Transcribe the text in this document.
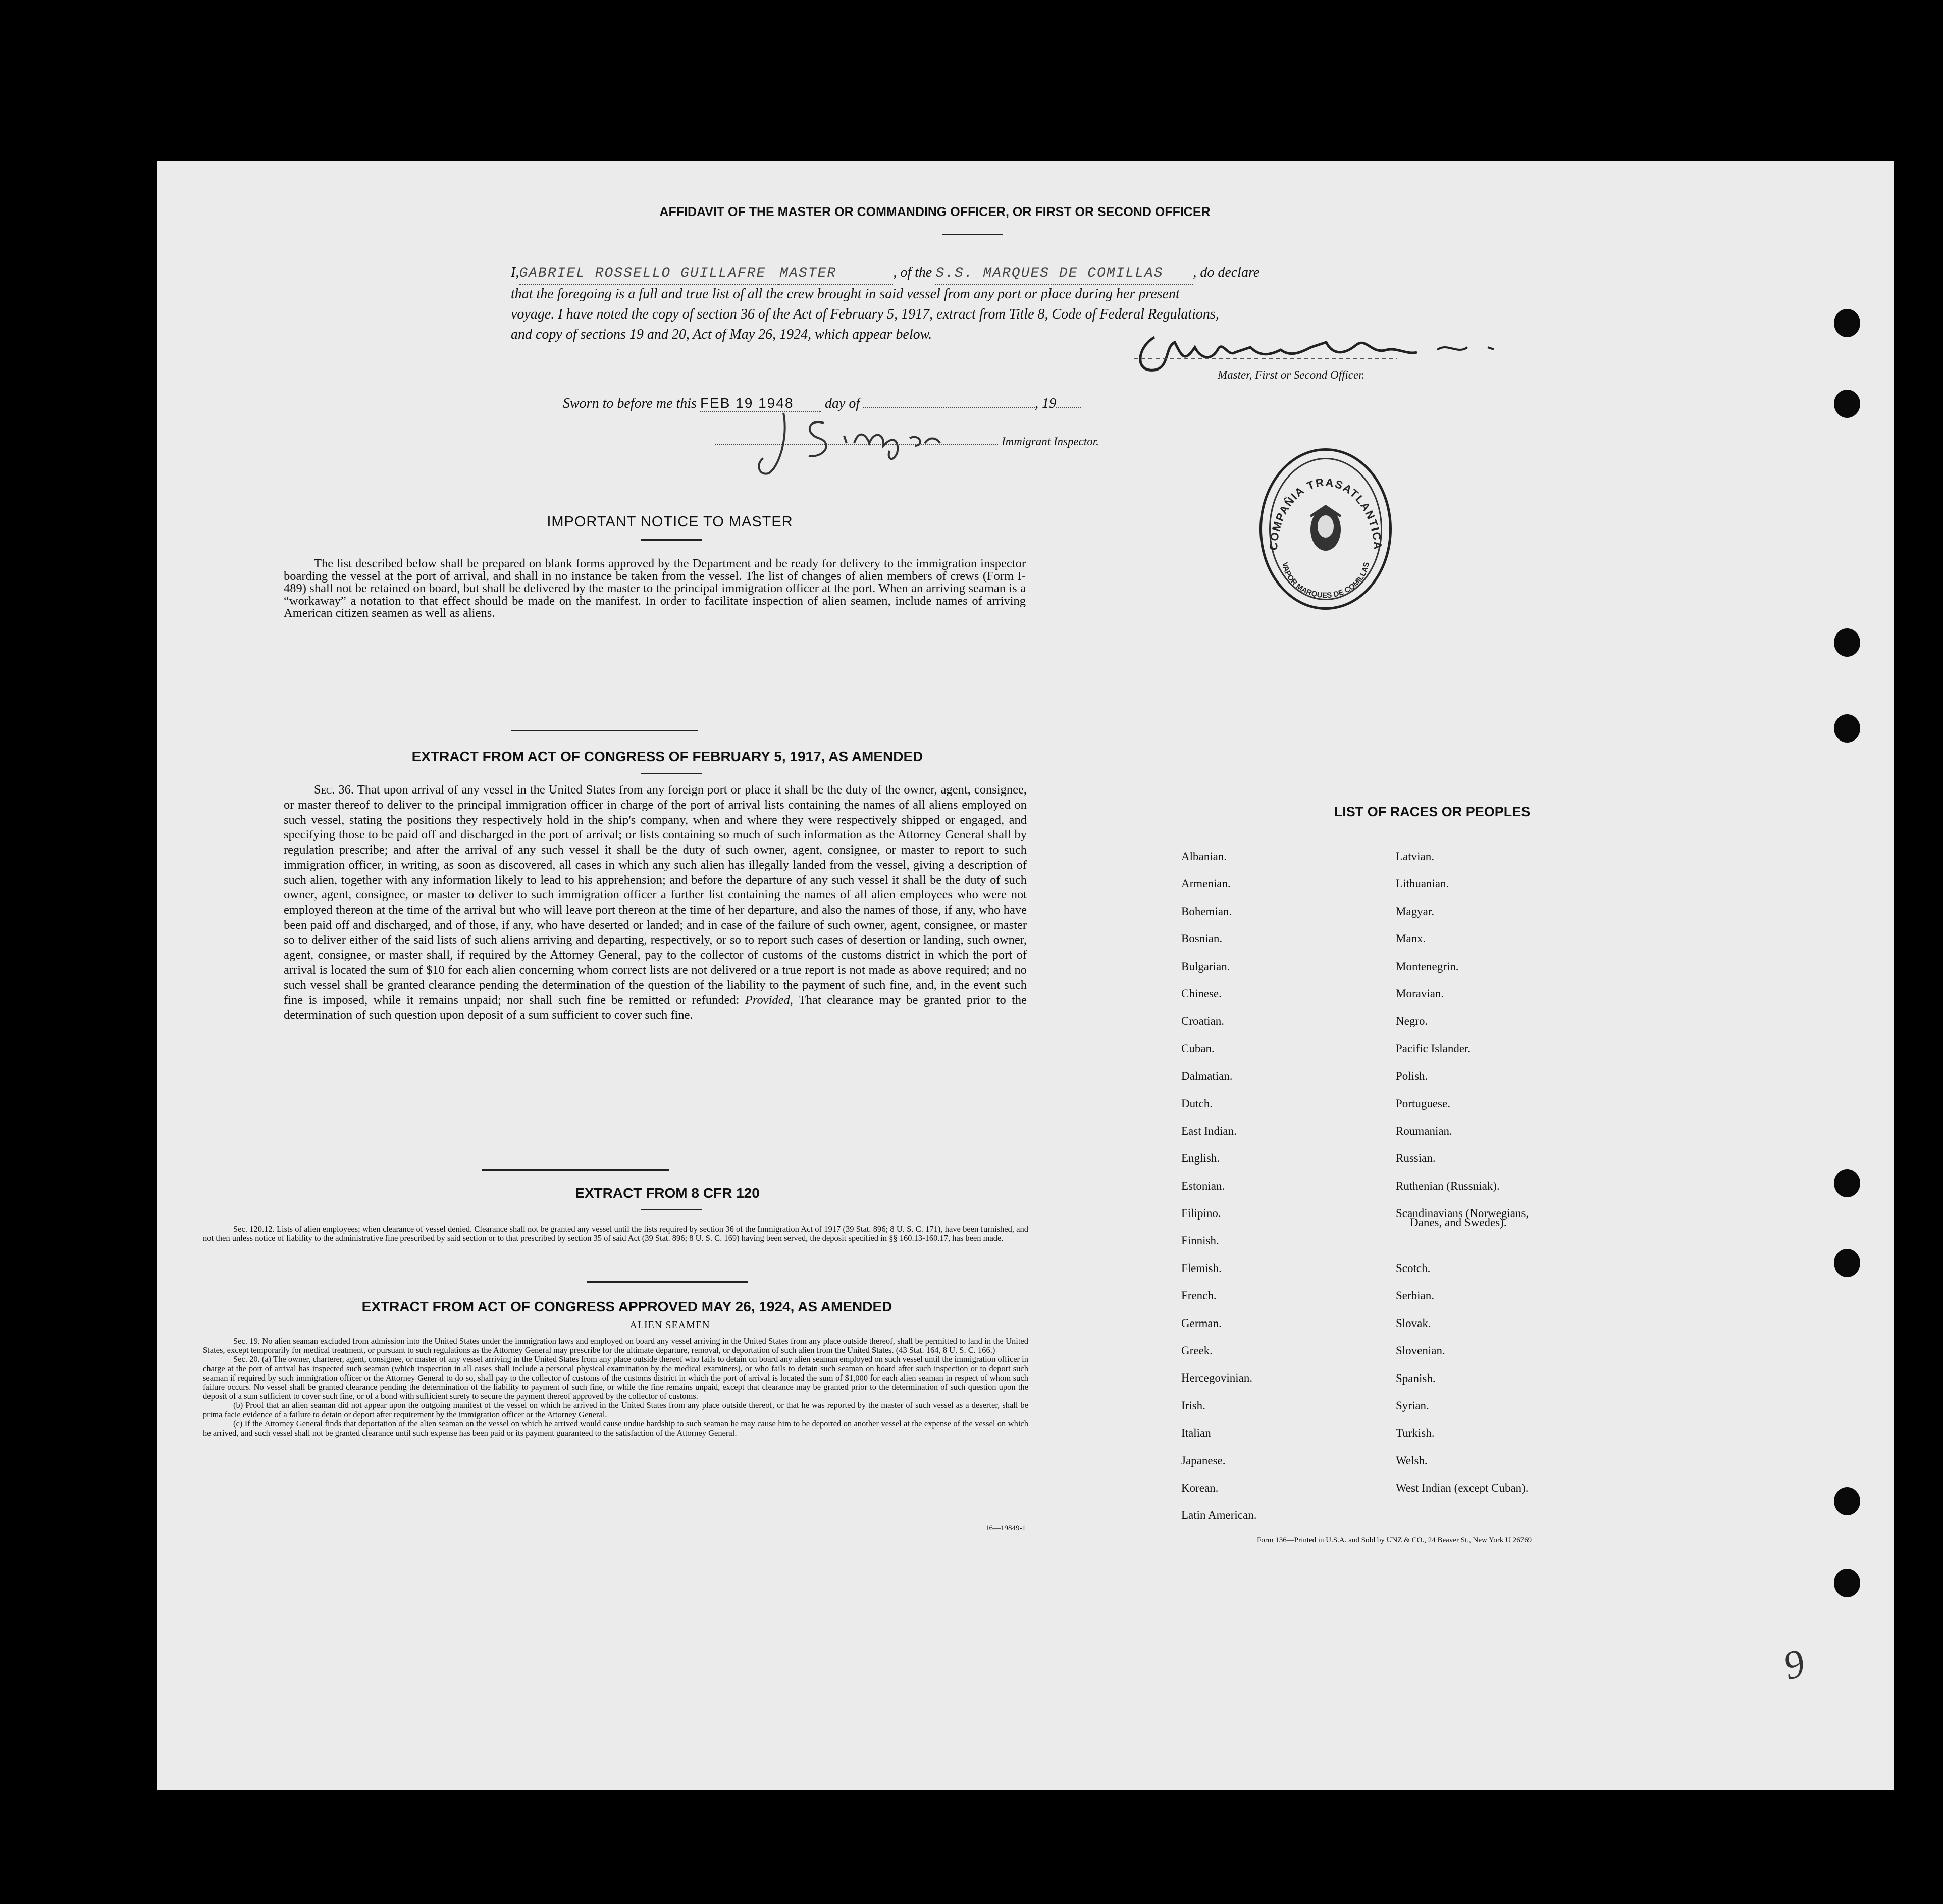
AFFIDAVIT OF THE MASTER OR COMMANDING OFFICER, OR FIRST OR SECOND OFFICER
I,GABRIEL ROSSELLO GUILLAFRE MASTER	, of the S.S. MARQUES DE COMILLAS , do declare
that the foregoing is a full and true list of all the crew brought in said vessel from any port or place during her present
voyage. I have noted the copy of section 36 of the Act of February 5, 1917, extract from Title 8, Code of Federal Regulations,
and copy of sections 19 and 20, Act of May 26, 1924, which appear below.
Master, First or Second Officer.
Sworn to before me this FEB 19 1948 day of	, 19
Immigrant Inspector.
COMPAÑIA TRASATLANTICA
VAPOR MARQUES DE COMILLAS
IMPORTANT NOTICE TO MASTER
The list described below shall be prepared on blank forms approved by the Department and be ready for delivery to the immigration inspector boarding the vessel at the port of arrival, and shall in no instance be taken from the vessel. The list of changes of alien members of crews (Form I-489) shall not be retained on board, but shall be delivered by the master to the principal immigration officer at the port. When an arriving seaman is a “workaway” a notation to that effect should be made on the manifest. In order to facilitate inspection of alien seamen, include names of arriving American citizen seamen as well as aliens.
EXTRACT FROM ACT OF CONGRESS OF FEBRUARY 5, 1917, AS AMENDED
Sec. 36. That upon arrival of any vessel in the United States from any foreign port or place it shall be the duty of the owner, agent, consignee, or master thereof to deliver to the principal immigration officer in charge of the port of arrival lists containing the names of all aliens employed on such vessel, stating the positions they respectively hold in the ship's company, when and where they were respectively shipped or engaged, and specifying those to be paid off and discharged in the port of arrival; or lists containing so much of such information as the Attorney General shall by regulation prescribe; and after the arrival of any such vessel it shall be the duty of such owner, agent, consignee, or master to report to such immigration officer, in writing, as soon as discovered, all cases in which any such alien has illegally landed from the vessel, giving a description of such alien, together with any information likely to lead to his apprehension; and before the departure of any such vessel it shall be the duty of such owner, agent, consignee, or master to deliver to such immigration officer a further list containing the names of all alien employees who were not employed thereon at the time of the arrival but who will leave port thereon at the time of her departure, and also the names of those, if any, who have been paid off and discharged, and of those, if any, who have deserted or landed; and in case of the failure of such owner, agent, consignee, or master so to deliver either of the said lists of such aliens arriving and departing, respectively, or so to report such cases of desertion or landing, such owner, agent, consignee, or master shall, if required by the Attorney General, pay to the collector of customs of the customs district in which the port of arrival is located the sum of $10 for each alien concerning whom correct lists are not delivered or a true report is not made as above required; and no such vessel shall be granted clearance pending the determination of the question of the liability to the payment of such fine, and, in the event such fine is imposed, while it remains unpaid; nor shall such fine be remitted or refunded: Provided, That clearance may be granted prior to the determination of such question upon deposit of a sum sufficient to cover such fine.
EXTRACT FROM 8 CFR 120
Sec. 120.12. Lists of alien employees; when clearance of vessel denied. Clearance shall not be granted any vessel until the lists required by section 36 of the Immigration Act of 1917 (39 Stat. 896; 8 U. S. C. 171), have been furnished, and not then unless notice of liability to the administrative fine prescribed by said section or to that prescribed by section 35 of said Act (39 Stat. 896; 8 U. S. C. 169) having been served, the deposit specified in §§ 160.13-160.17, has been made.
EXTRACT FROM ACT OF CONGRESS APPROVED MAY 26, 1924, AS AMENDED
ALIEN SEAMEN
Sec. 19. No alien seaman excluded from admission into the United States under the immigration laws and employed on board any vessel arriving in the United States from any place outside thereof, shall be permitted to land in the United States, except temporarily for medical treatment, or pursuant to such regulations as the Attorney General may prescribe for the ultimate departure, removal, or deportation of such alien from the United States. (43 Stat. 164, 8 U. S. C. 166.)
Sec. 20. (a) The owner, charterer, agent, consignee, or master of any vessel arriving in the United States from any place outside thereof who fails to detain on board any alien seaman employed on such vessel until the immigration officer in charge at the port of arrival has inspected such seaman (which inspection in all cases shall include a personal physical examination by the medical examiners), or who fails to detain such seaman on board after such inspection or to deport such seaman if required by such immigration officer or the Attorney General to do so, shall pay to the collector of customs of the customs district in which the port of arrival is located the sum of $1,000 for each alien seaman in respect of whom such failure occurs. No vessel shall be granted clearance pending the determination of the liability to payment of such fine, or while the fine remains unpaid, except that clearance may be granted prior to the determination of such question upon the deposit of a sum sufficient to cover such fine, or of a bond with sufficient surety to secure the payment thereof approved by the collector of customs.
(b) Proof that an alien seaman did not appear upon the outgoing manifest of the vessel on which he arrived in the United States from any place outside thereof, or that he was reported by the master of such vessel as a deserter, shall be prima facie evidence of a failure to detain or deport after requirement by the immigration officer or the Attorney General.
(c) If the Attorney General finds that deportation of the alien seaman on the vessel on which he arrived would cause undue hardship to such seaman he may cause him to be deported on another vessel at the expense of the vessel on which he arrived, and such vessel shall not be granted clearance until such expense has been paid or its payment guaranteed to the satisfaction of the Attorney General.
16—19849-1
LIST OF RACES OR PEOPLES
Albanian.
Armenian.
Bohemian.
Bosnian.
Bulgarian.
Chinese.
Croatian.
Cuban.
Dalmatian.
Dutch.
East Indian.
English.
Estonian.
Filipino.
Finnish.
Flemish.
French.
German.
Greek.
Hercegovinian.
Irish.
Italian
Japanese.
Korean.
Latin American.
Latvian.
Lithuanian.
Magyar.
Manx.
Montenegrin.
Moravian.
Negro.
Pacific Islander.
Polish.
Portuguese.
Roumanian.
Russian.
Ruthenian (Russniak).
Scandinavians (Norwegians,
Danes, and Swedes).
Scotch.
Serbian.
Slovak.
Slovenian.
Spanish.
Syrian.
Turkish.
Welsh.
West Indian (except Cuban).
Form 136—Printed in U.S.A. and Sold by UNZ & CO., 24 Beaver St., New York U 26769
9
